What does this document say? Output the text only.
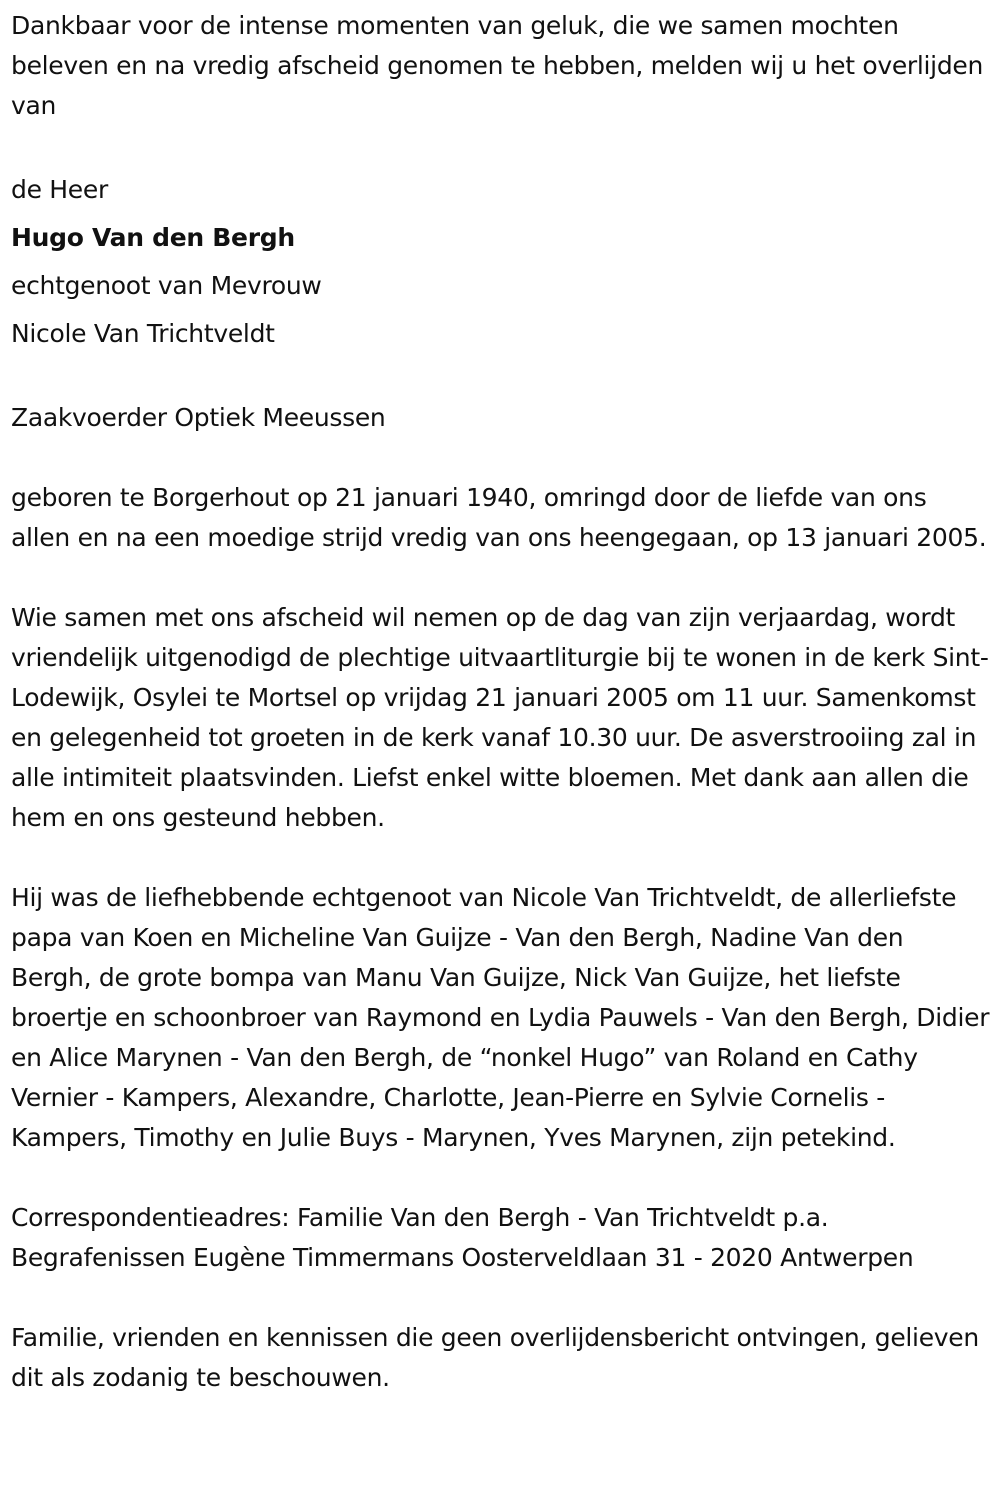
Dankbaar voor de intense momenten van geluk, die we samen mochten beleven en na vredig afscheid genomen te hebben, melden wij u het overlijden van

de Heer

Hugo Van den Bergh

echtgenoot van Mevrouw

Nicole Van Trichtveldt

Zaakvoerder Optiek Meeussen

geboren te Borgerhout op 21 januari 1940, omringd door de liefde van ons allen en na een moedige strijd vredig van ons heengegaan, op 13 januari 2005.

Wie samen met ons afscheid wil nemen op de dag van zijn verjaardag, wordt vriendelijk uitgenodigd de plechtige uitvaartliturgie bij te wonen in de kerk Sint-Lodewijk, Osylei te Mortsel op vrijdag 21 januari 2005 om 11 uur. Samenkomst en gelegenheid tot groeten in de kerk vanaf 10.30 uur. De asverstrooiing zal in alle intimiteit plaatsvinden. Liefst enkel witte bloemen. Met dank aan allen die hem en ons gesteund hebben.

Hij was de liefhebbende echtgenoot van Nicole Van Trichtveldt, de allerliefste papa van Koen en Micheline Van Guijze - Van den Bergh, Nadine Van den Bergh, de grote bompa van Manu Van Guijze, Nick Van Guijze, het liefste broertje en schoonbroer van Raymond en Lydia Pauwels - Van den Bergh, Didier en Alice Marynen - Van den Bergh, de “nonkel Hugo” van Roland en Cathy Vernier - Kampers, Alexandre, Charlotte, Jean-Pierre en Sylvie Cornelis - Kampers, Timothy en Julie Buys - Marynen, Yves Marynen, zijn petekind.

Correspondentieadres: Familie Van den Bergh - Van Trichtveldt p.a. Begrafenissen Eugène Timmermans Oosterveldlaan 31 - 2020 Antwerpen

Familie, vrienden en kennissen die geen overlijdensbericht ontvingen, gelieven dit als zodanig te beschouwen.
